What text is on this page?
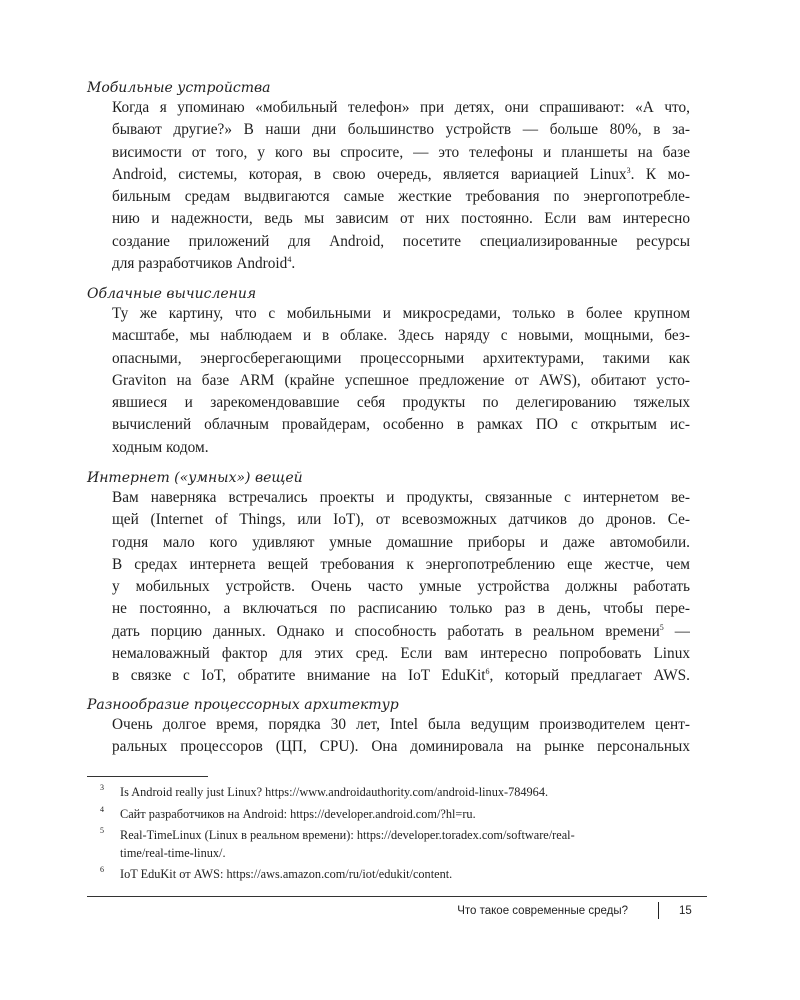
Мобильные устройства
Когда я упоминаю «мобильный телефон» при детях, они спрашивают: «А что,
бывают другие?» В наши дни большинство устройств — больше 80%, в за-
висимости от того, у кого вы спросите, — это телефоны и планшеты на базе
Android, системы, которая, в свою очередь, является вариацией Linux$^3$. К мо-
бильным средам выдвигаются самые жесткие требования по энергопотребле-
нию и надежности, ведь мы зависим от них постоянно. Если вам интересно
создание приложений для Android, посетите специализированные ресурсы
для разработчиков Android$^4$.
Облачные вычисления
Ту же картину, что с мобильными и микросредами, только в более крупном
масштабе, мы наблюдаем и в облаке. Здесь наряду с новыми, мощными, без-
опасными, энергосберегающими процессорными архитектурами, такими как
Graviton на базе ARM (крайне успешное предложение от AWS), обитают усто-
явшиеся и зарекомендовавшие себя продукты по делегированию тяжелых
вычислений облачным провайдерам, особенно в рамках ПО с открытым ис-
ходным кодом.
Интернет («умных») вещей
Вам наверняка встречались проекты и продукты, связанные с интернетом ве-
щей (Internet of Things, или IoT), от всевозможных датчиков до дронов. Се-
годня мало кого удивляют умные домашние приборы и даже автомобили.
В средах интернета вещей требования к энергопотреблению еще жестче, чем
у мобильных устройств. Очень часто умные устройства должны работать
не постоянно, а включаться по расписанию только раз в день, чтобы пере-
дать порцию данных. Однако и способность работать в реальном времени$^5$ —
немаловажный фактор для этих сред. Если вам интересно попробовать Linux
в связке с IoT, обратите внимание на IoT EduKit$^6$, который предлагает AWS.
Разнообразие процессорных архитектур
Очень долгое время, порядка 30 лет, Intel была ведущим производителем цент-
ральных процессоров (ЦП, CPU). Она доминировала на рынке персональных
3 Is Android really just Linux? https://www.androidauthority.com/android-linux-784964.
4 Сайт разработчиков на Android: https://developer.android.com/?hl=ru.
5 Real-TimeLinux (Linux в реальном времени): https://developer.toradex.com/software/real-
time/real-time-linux/.
6 IoT EduKit от AWS: https://aws.amazon.com/ru/iot/edukit/content.
Что такое современные среды?	15
